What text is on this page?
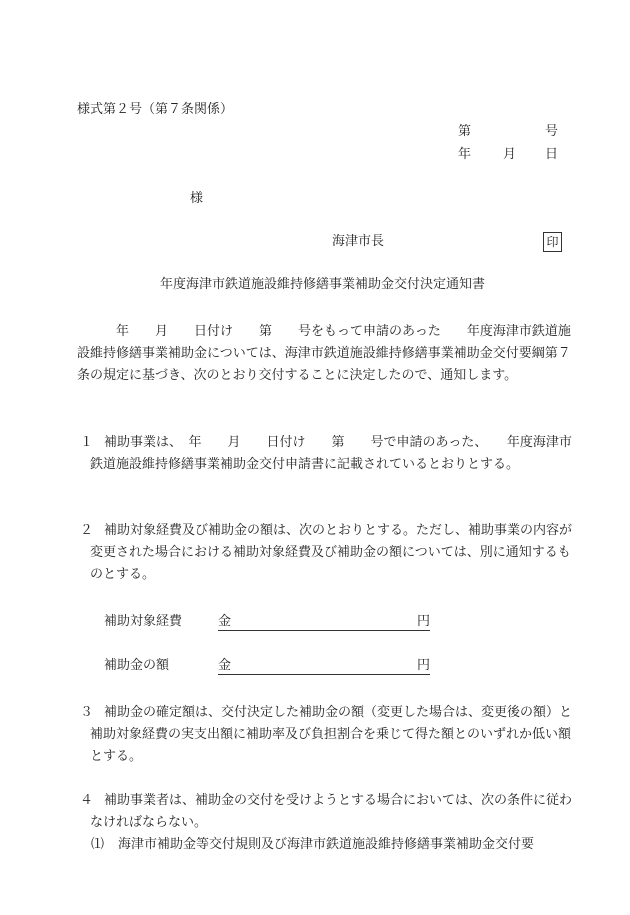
様式第２号（第７条関係）
第	号
年 月 日
様
海津市長	印
年度海津市鉄道施設維持修繕事業補助金交付決定通知書

　　　年　　月　　日付け　　第　　号をもって申請のあった　　年度海津市鉄道施設維持修繕事業補助金については、海津市鉄道施設維持修繕事業補助金交付要綱第７条の規定に基づき、次のとおり交付することに決定したので、通知します。

１ 補助事業は、　年　　月　　日付け　　第　　号で申請のあった、　　年度海津市鉄道施設維持修繕事業補助金交付申請書に記載されているとおりとする。
２ 補助対象経費及び補助金の額は、次のとおりとする。ただし、補助事業の内容が変更された場合における補助対象経費及び補助金の額については、別に通知するものとする。
補助対象経費	金	円
補助金の額	金	円
３ 補助金の確定額は、交付決定した補助金の額（変更した場合は、変更後の額）と補助対象経費の実支出額に補助率及び負担割合を乗じて得た額とのいずれか低い額とする。
４ 補助事業者は、補助金の交付を受けようとする場合においては、次の条件に従わなければならない。
⑴ 海津市補助金等交付規則及び海津市鉄道施設維持修繕事業補助金交付要
